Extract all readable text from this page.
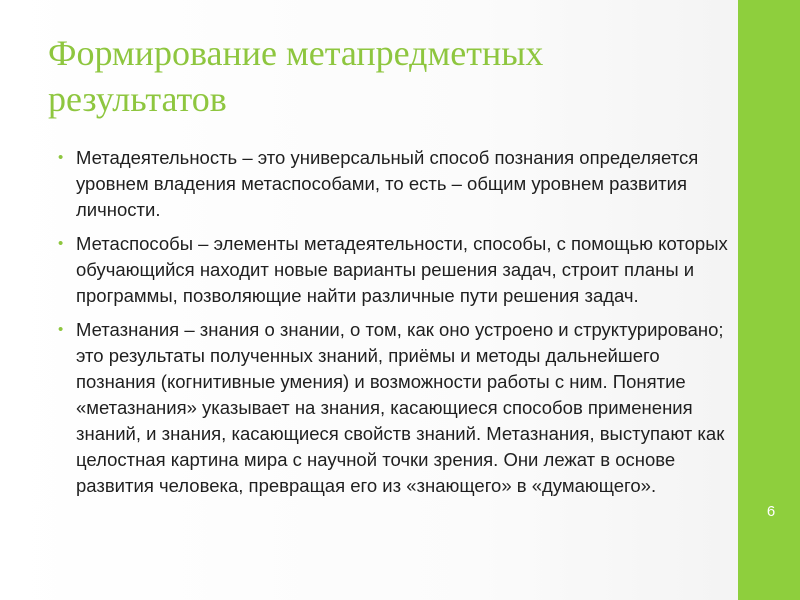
6
Формирование метапредметных результатов
• Метадеятельность – это универсальный способ познания определяется уровнем владения метаспособами, то есть – общим уровнем развития личности.
• Метаспособы – элементы метадеятельности, способы, с помощью которых обучающийся находит новые варианты решения задач, строит планы и программы, позволяющие найти различные пути решения задач.
• Метазнания – знания о знании, о том, как оно устроено и структурировано; это результаты полученных знаний, приёмы и методы дальнейшего познания (когнитивные умения) и возможности работы с ним. Понятие «метазнания» указывает на знания, касающиеся способов применения знаний, и знания, касающиеся свойств знаний. Метазнания, выступают как целостная картина мира с научной точки зрения. Они лежат в основе развития человека, превращая его из «знающего» в «думающего».
